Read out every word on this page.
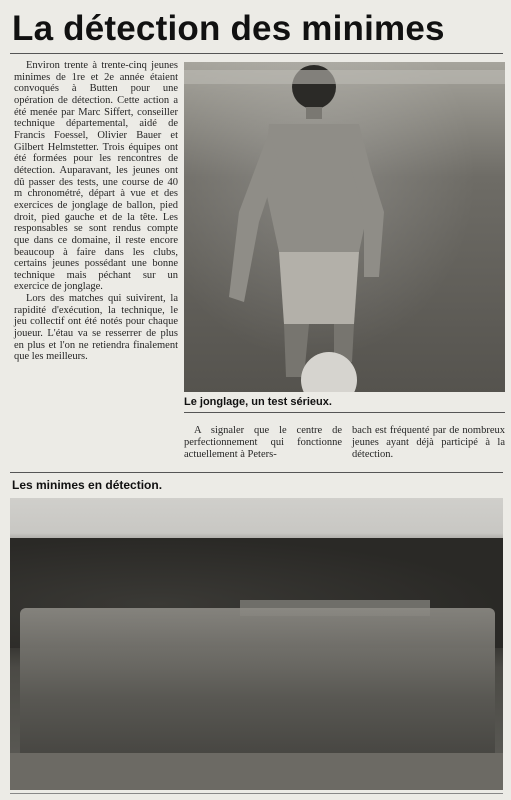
La détection des minimes

Environ trente à trente-cinq jeunes minimes de 1re et 2e année étaient convoqués à Butten pour une opération de détection. Cette action a été menée par Marc Siffert, conseiller technique départemental, aidé de Francis Foessel, Olivier Bauer et Gilbert Helmstetter. Trois équipes ont été formées pour les rencontres de détection. Auparavant, les jeunes ont dû passer des tests, une course de 40 m chronométré, départ à vue et des exercices de jonglage de ballon, pied droit, pied gauche et de la tête. Les responsables se sont rendus compte que dans ce domaine, il reste encore beaucoup à faire dans les clubs, certains jeunes possédant une bonne technique mais péchant sur un exercice de jonglage.

Lors des matches qui suivirent, la rapidité d'exécution, la technique, le jeu collectif ont été notés pour chaque joueur. L'étau va se resserrer de plus en plus et l'on ne retiendra finalement que les meilleurs.

Le jonglage, un test sérieux.

A signaler que le centre de perfectionnement qui fonctionne actuellement à Peters-

bach est fréquenté par de nombreux jeunes ayant déjà participé à la détection.

Les minimes en détection.
